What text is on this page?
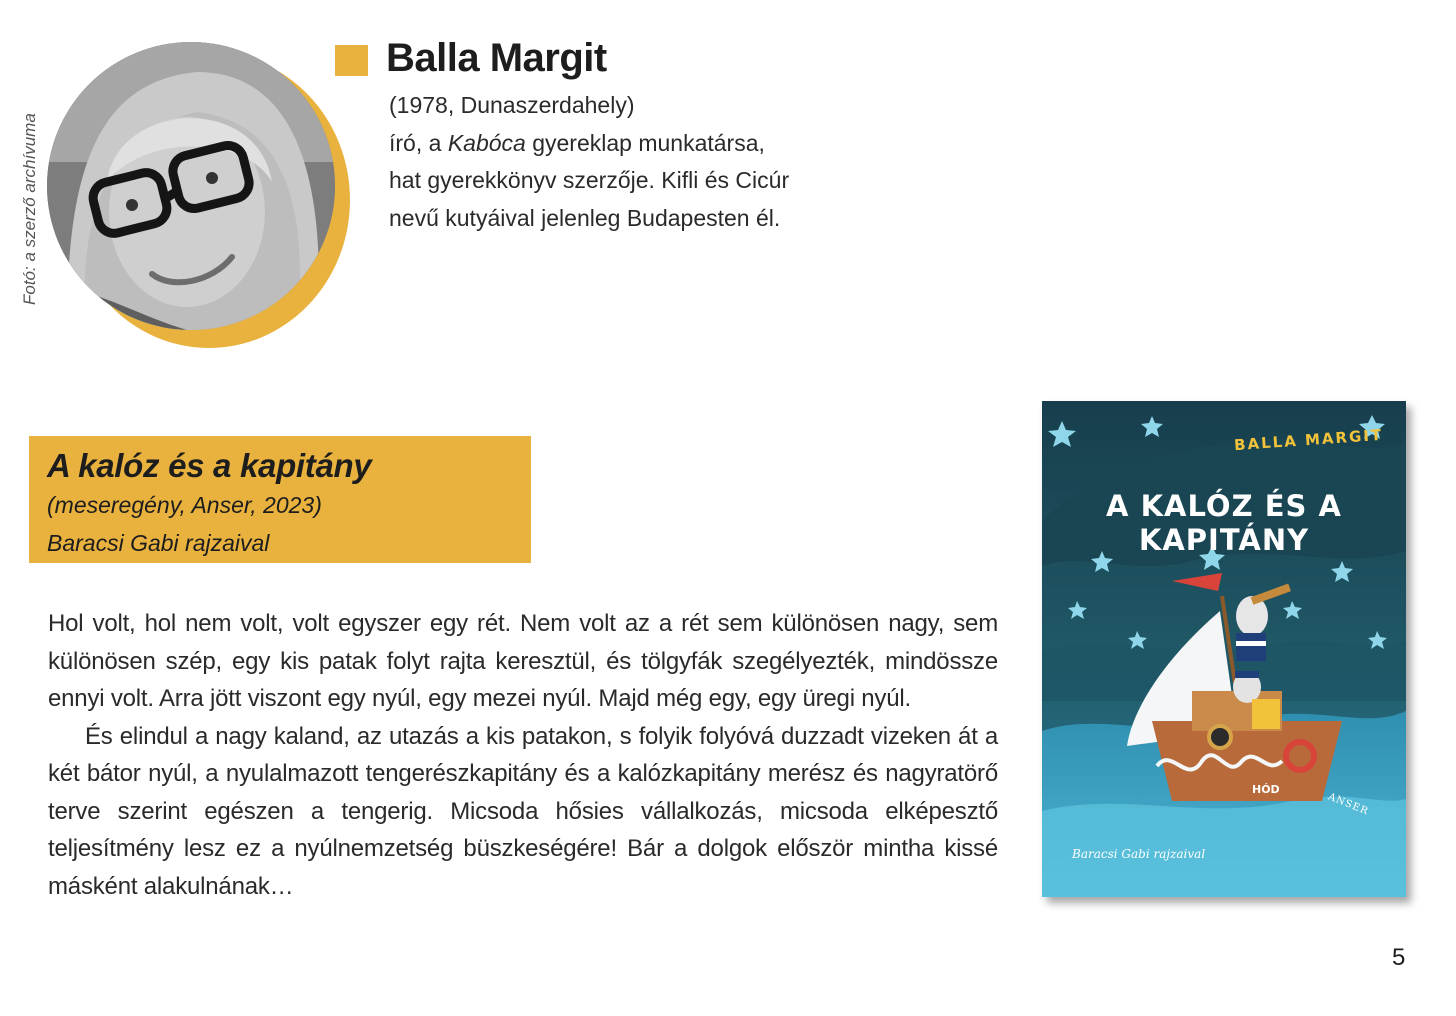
Fotó: a szerző archívuma
Balla Margit
(1978, Dunaszerdahely)
író, a Kabóca gyereklap munkatársa,
hat gyerekkönyv szerzője. Kifli és Cicúr
nevű kutyáival jelenleg Budapesten él.
A kalóz és a kapitány
(meseregény, Anser, 2023)
Baracsi Gabi rajzaival

Hol volt, hol nem volt, volt egyszer egy rét. Nem volt az a rét sem különösen nagy, sem különösen szép, egy kis patak folyt rajta keresztül, és tölgyfák szegélyezték, mindössze ennyi volt. Arra jött viszont egy nyúl, egy mezei nyúl. Majd még egy, egy üregi nyúl.

És elindul a nagy kaland, az utazás a kis patakon, s folyik folyóvá duzzadt vizeken át a két bátor nyúl, a nyulalmazott tengerészkapitány és a kalózkapitány merész és nagyratörő terve szerint egészen a tengerig. Micsoda hősies vállalkozás, micsoda elképesztő teljesítmény lesz ez a nyúlnemzetség büszkeségére! Bár a dolgok először mintha kissé másként alakulnának…

HÓD
BALLA MARGIT
A KALÓZ ÉS A KAPITÁNY
ANSER
Baracsi Gabi rajzaival
5
